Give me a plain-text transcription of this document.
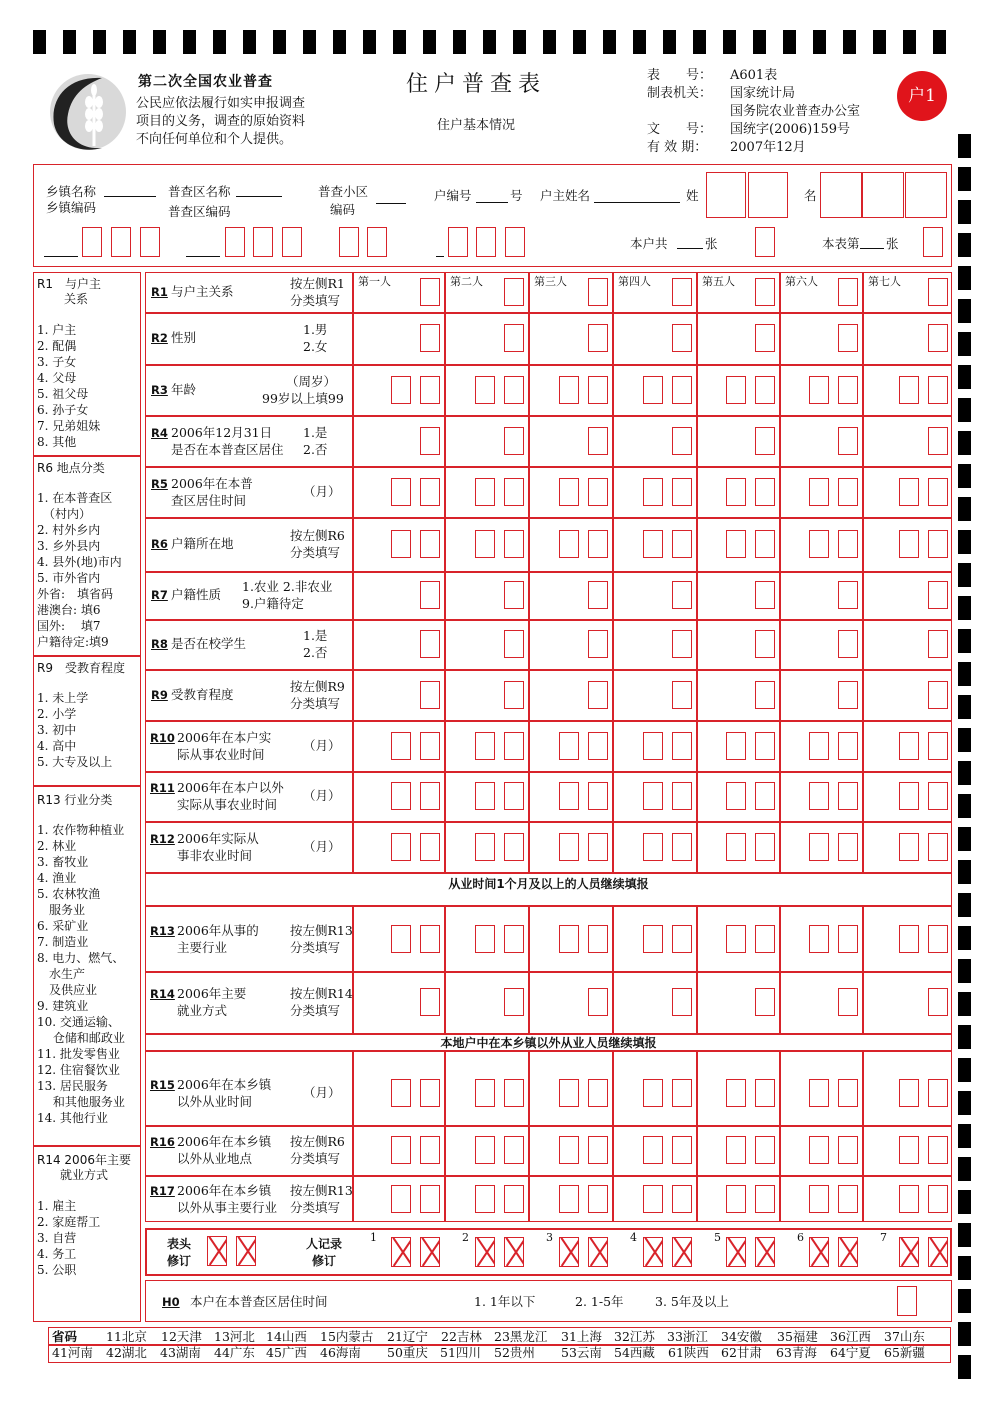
第二次全国农业普查
公民应依法履行如实申报调查
项目的义务，调查的原始资料
不向任何单位和个人提供。
住户普查表
住户基本情况
表　　号： A601表
制表机关： 国家统计局
国务院农业普查办公室
文　　号： 国统字(2006)159号
有 效 期： 2007年12月
户1
乡镇名称
乡镇编码
普查区名称
普查区编码
普查小区
编码
户编号	号 户主姓名	姓	名
本户共	张	本表第 张
R1　与户主
关系
1. 户主
2. 配偶
3. 子女
4. 父母
5. 祖父母
6. 孙子女
7. 兄弟姐妹
8. 其他
R6 地点分类
1. 在本普查区
　（村内）
2. 村外乡内
3. 乡外县内
4. 县外(地)市内
5. 市外省内
外省:　填省码
港澳台: 填6
国外:　 填7
户籍待定:填9
R9　受教育程度
1. 未上学
2. 小学
3. 初中
4. 高中
5. 大专及以上
R13 行业分类
1. 农作物种植业
2. 林业
3. 畜牧业
4. 渔业
5. 农林牧渔
　服务业
6. 采矿业
7. 制造业
8. 电力、燃气、
　水生产
　及供应业
9. 建筑业
10. 交通运输、
　 仓储和邮政业
11. 批发零售业
12. 住宿餐饮业
13. 居民服务
　 和其他服务业
14. 其他行业
R14 2006年主要
就业方式
1. 雇主
2. 家庭帮工
3. 自营
4. 务工
5. 公职
从业时间1个月及以上的人员继续填报
本地户中在本乡镇以外从业人员继续填报
第一人	第二人	第三人	第四人	第五人	第六人	第七人
R1 与户主关系
按左侧R1
分类填写
R2 性别
1.男
2.女
R3 年龄
（周岁）
99岁以上填99
R4 2006年12月31日
是否在本普查区居住
1.是
2.否
R5 2006年在本普
查区居住时间
（月）
R6 户籍所在地
按左侧R6
分类填写
R7 户籍性质
1.农业 2.非农业
9.户籍待定
R8 是否在校学生
1.是
2.否
R9 受教育程度
按左侧R9
分类填写
R10 2006年在本户实
际从事农业时间
（月）
R11 2006年在本户以外
实际从事农业时间
（月）
R12 2006年实际从
事非农业时间
（月）
R13 2006年从事的
主要行业
按左侧R13
分类填写
R14 2006年主要
就业方式
按左侧R14
分类填写
R15 2006年在本乡镇
以外从业时间
（月）
R16 2006年在本乡镇
以外从业地点
按左侧R6
分类填写
R17 2006年在本乡镇
以外从事主要行业
按左侧R13
分类填写
表头
修订
人记录
修订
1	2	3	4	5	6	7
H0 本户在本普查区居住时间	1. 1年以下	2. 1-5年	3. 5年及以上
省码 11北京 12天津 13河北 14山西 15内蒙古 21辽宁 22吉林 23黑龙江 31上海 32江苏 33浙江 34安徽 35福建 36江西 37山东
41河南 42湖北 43湖南 44广东 45广西 46海南 50重庆 51四川 52贵州 53云南 54西藏 61陕西 62甘肃 63青海 64宁夏 65新疆
